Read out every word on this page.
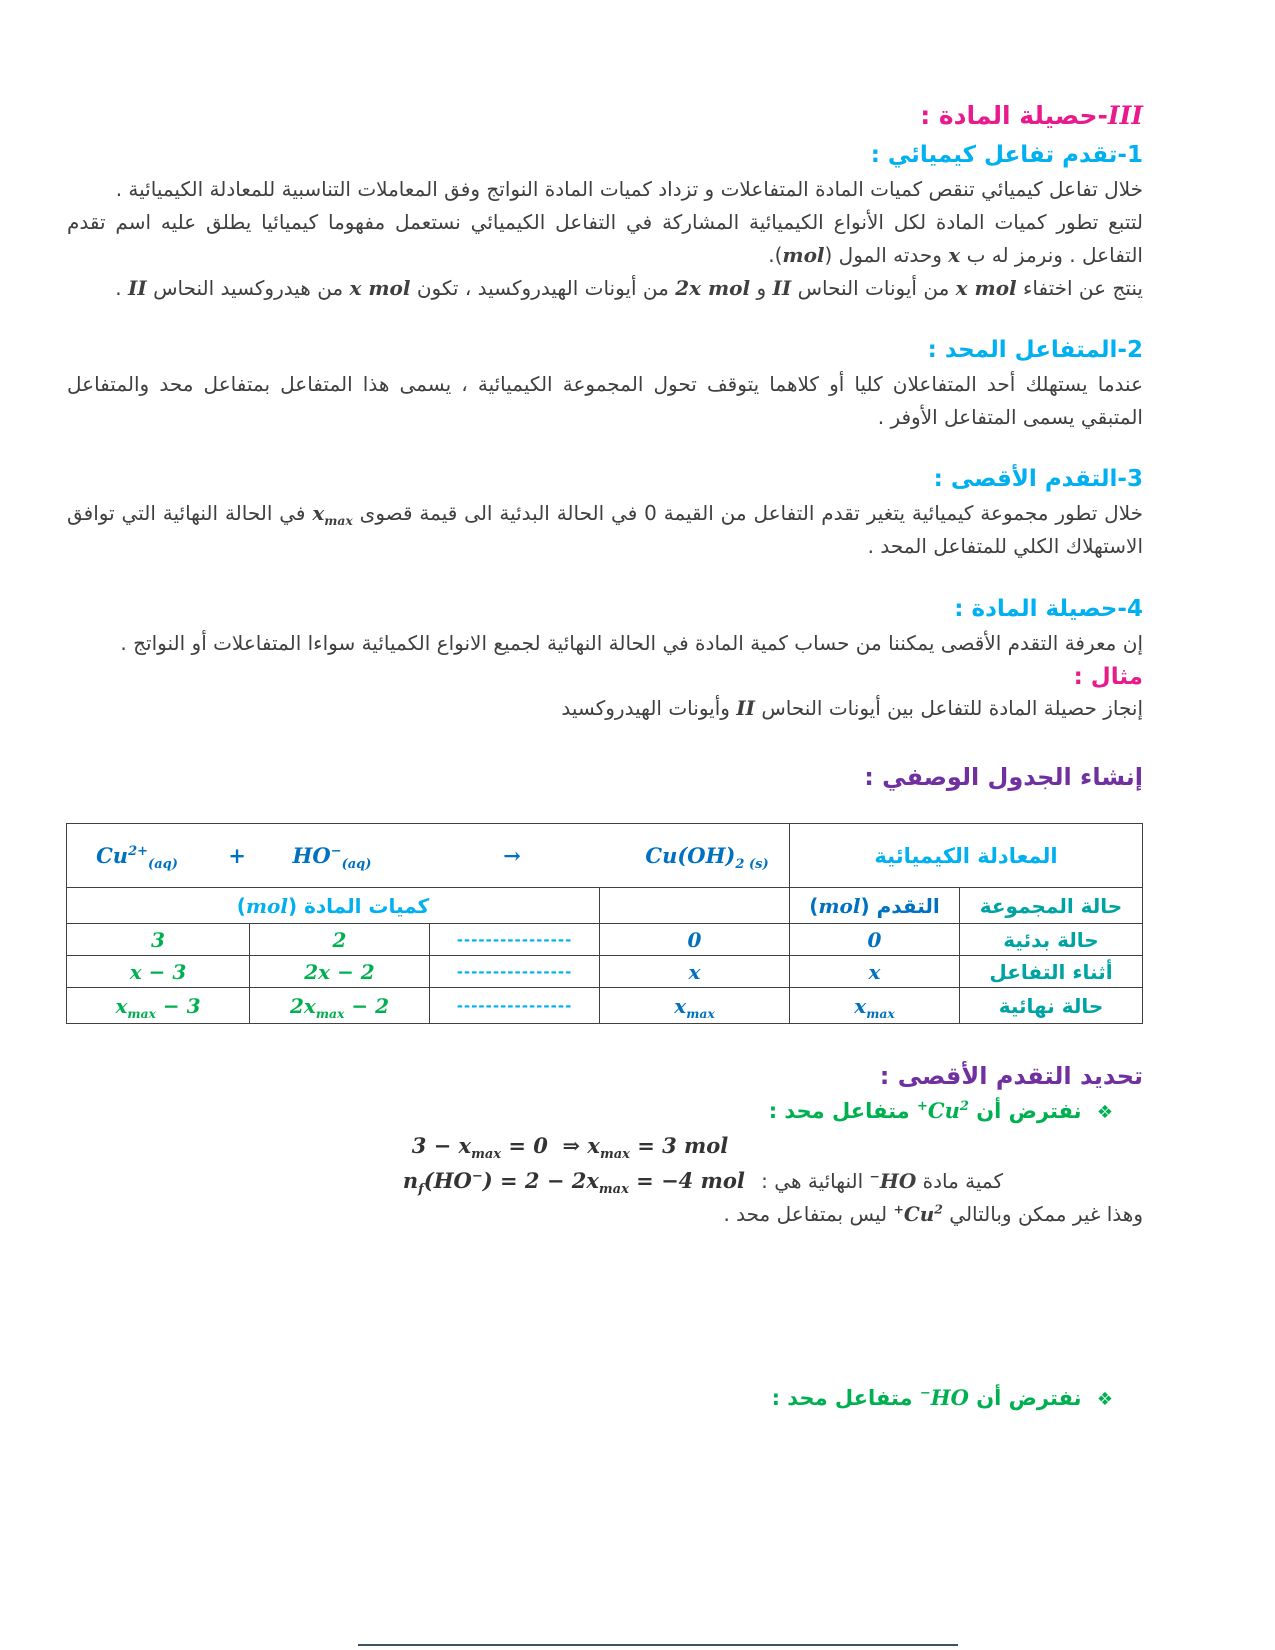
III-حصيلة المادة :
1-تقدم تفاعل كيميائي :

خلال تفاعل كيميائي تنقص كميات المادة المتفاعلات و تزداد كميات المادة النواتج وفق المعاملات التناسبية للمعادلة الكيميائية .

لتتبع تطور كميات المادة لكل الأنواع الكيميائية المشاركة في التفاعل الكيميائي نستعمل مفهوما كيميائيا يطلق عليه اسم تقدم التفاعل . ونرمز له ب x وحدته المول (mol).

ينتج عن اختفاء x mol من أيونات النحاس II و 2x mol من أيونات الهيدروكسيد ، تكون x mol من هيدروكسيد النحاس II .

2-المتفاعل المحد :

عندما يستهلك أحد المتفاعلان كليا أو كلاهما يتوقف تحول المجموعة الكيميائية ، يسمى هذا المتفاعل بمتفاعل محد والمتفاعل المتبقي يسمى المتفاعل الأوفر .

3-التقدم الأقصى :

خلال تطور مجموعة كيميائية يتغير تقدم التفاعل من القيمة 0 في الحالة البدئية الى قيمة قصوى $x_{max}$ في الحالة النهائية التي توافق الاستهلاك الكلي للمتفاعل المحد .

4-حصيلة المادة :

إن معرفة التقدم الأقصى يمكننا من حساب كمية المادة في الحالة النهائية لجميع الانواع الكميائية سواءا المتفاعلات أو النواتج .

مثال :

إنجاز حصيلة المادة للتفاعل بين أيونات النحاس II وأيونات الهيدروكسيد

إنشاء الجدول الوصفي :
المعادلة الكيميائية		$Cu^{2+}_{(aq)} + HO^-_{(aq)} \to Cu(OH)_{2 (s)}$

حالة المجموعة	التقدم (mol)		كميات المادة (mol)		
حالة بدئية	0	0	----------------	2	3
أثناء التفاعل	x	x	----------------	2 − 2x	3 − x
حالة نهائية	$x_{max}$	$x_{max}$	----------------	$2 - 2x_{max}$	$3 - x_{max}$
تحديد التقدم الأقصى :
❖ نفترض أن $Cu^{2+}$ متفاعل محد :
$3 - x_{max} = 0$  ⇒ $x_{max} = 3$ mol
كمية مادة HO− النهائية هي : $n_f(HO^-) = 2 - 2x_{max} = -4$ mol

وهذا غير ممكن وبالتالي $Cu^{2+}$ ليس بمتفاعل محد .

❖ نفترض أن HO− متفاعل محد :
